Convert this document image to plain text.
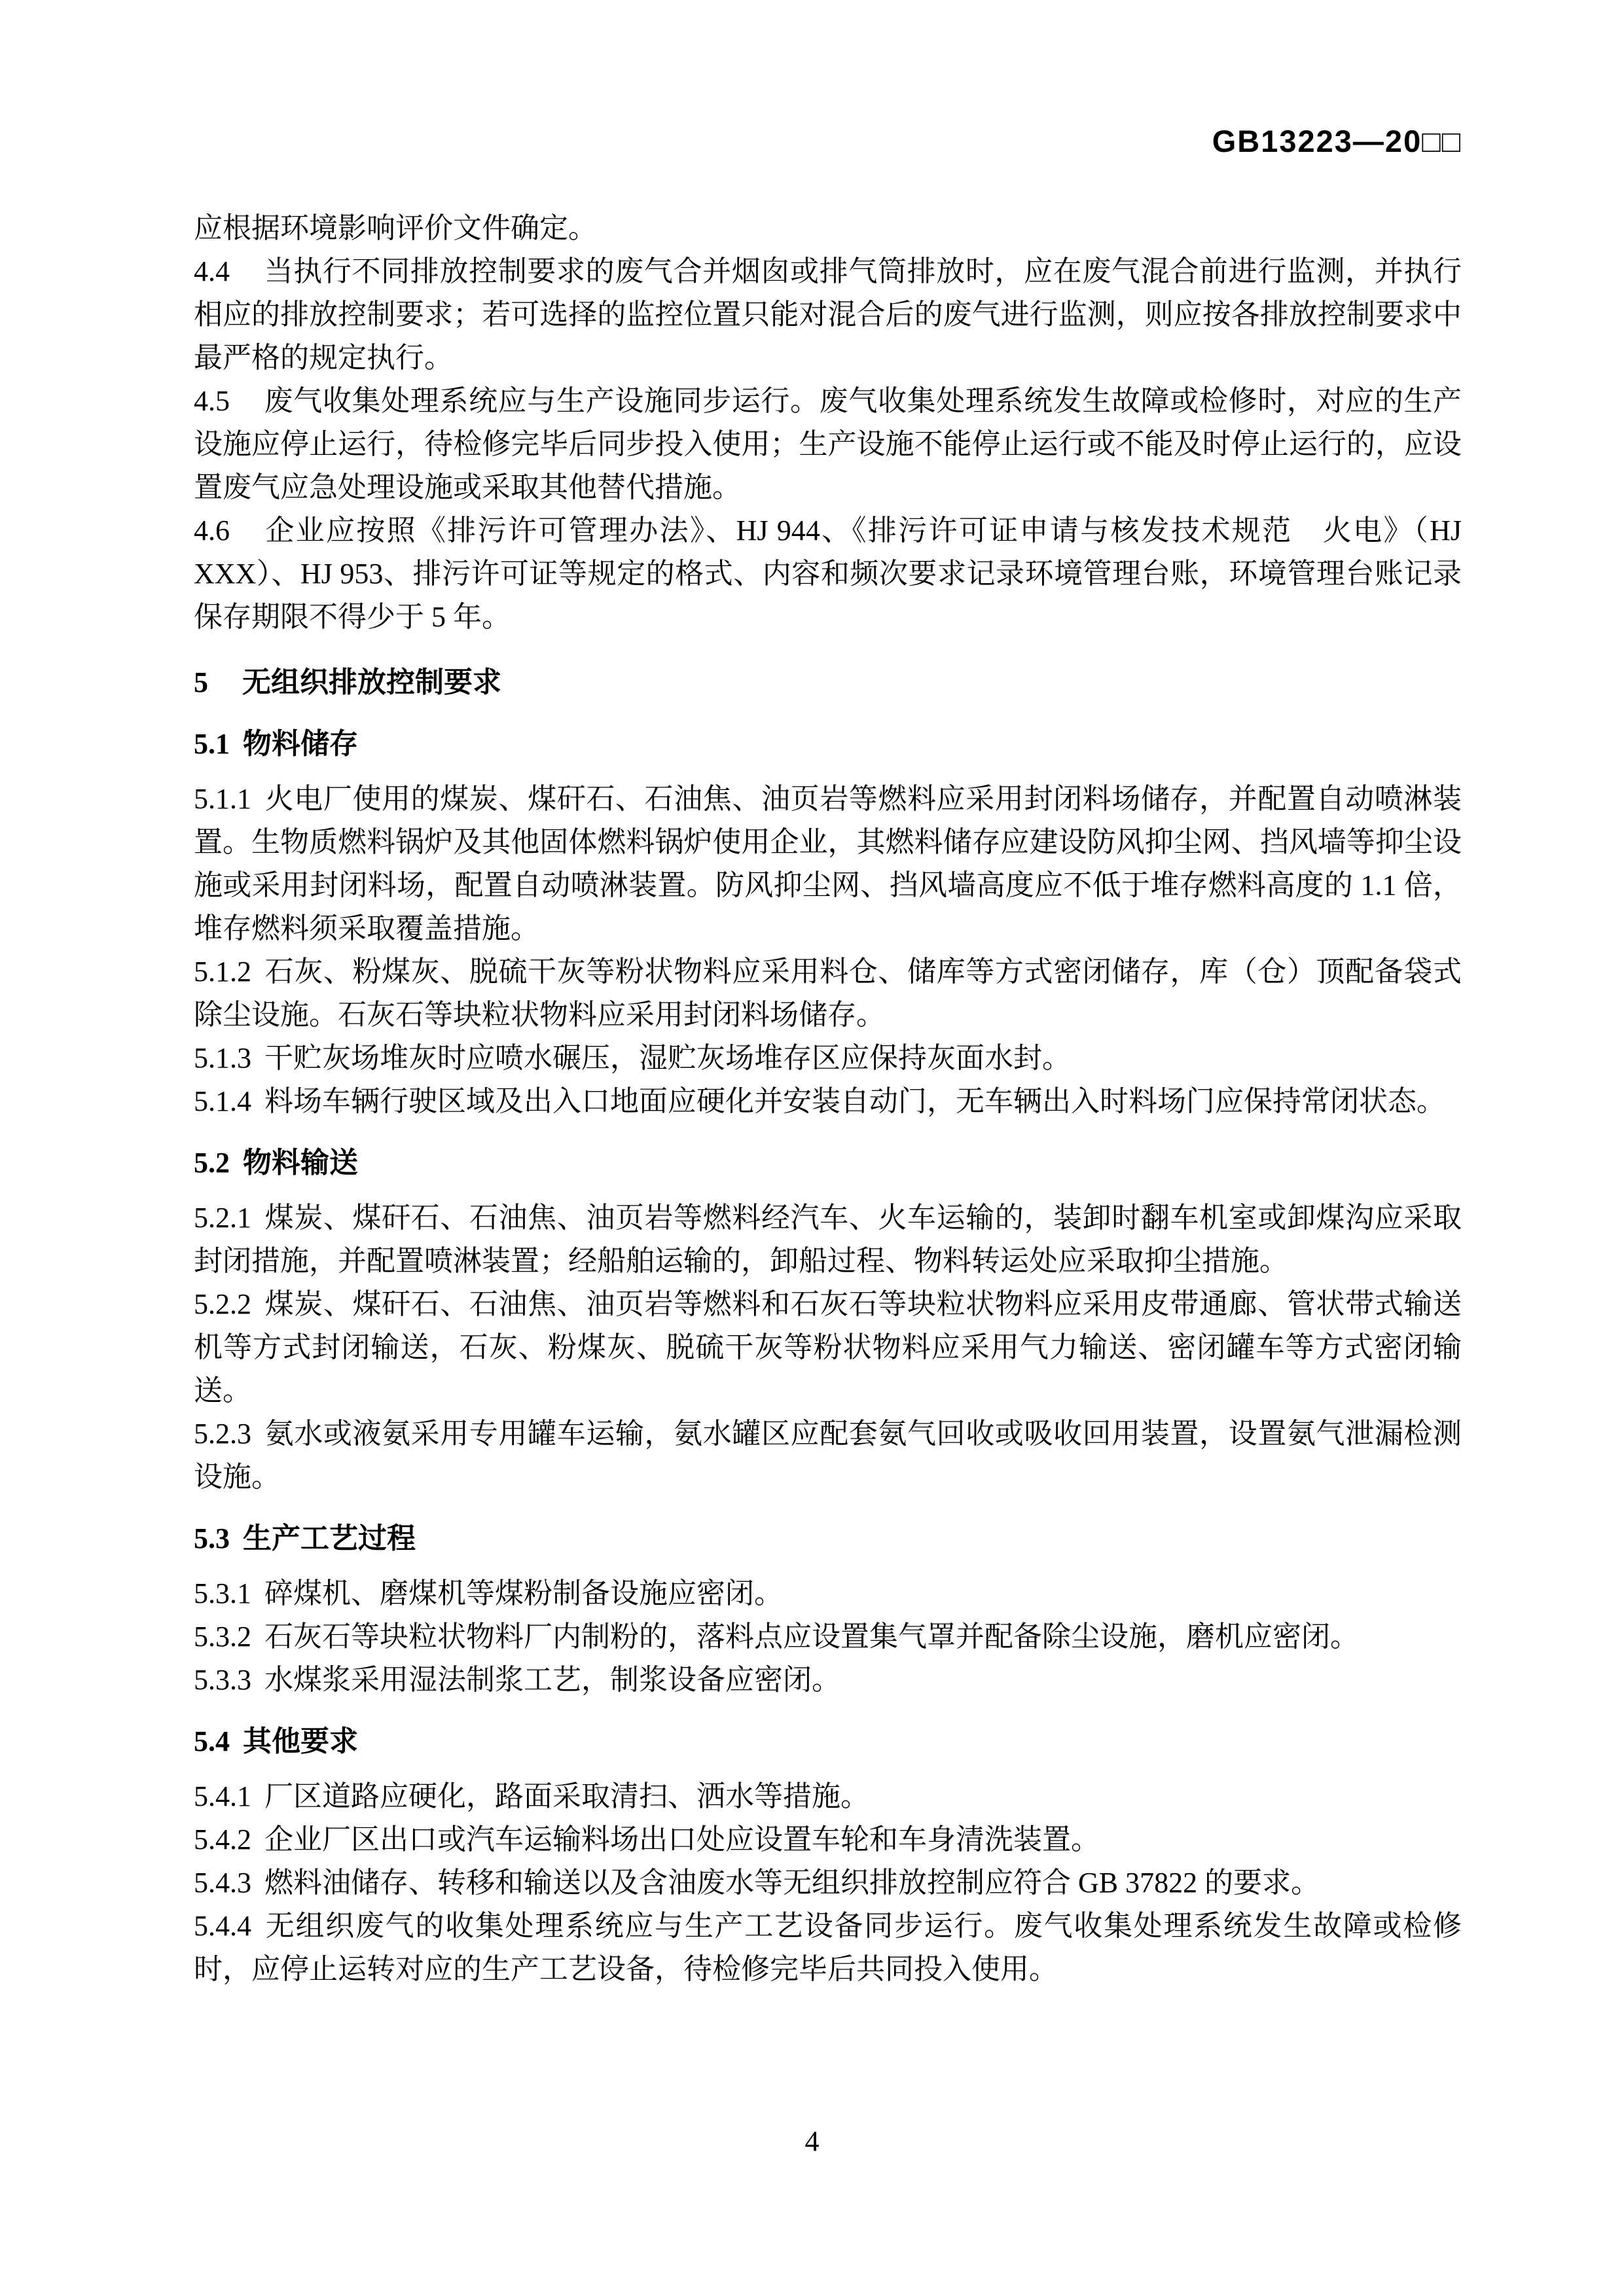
GB13223—20□□

应根据环境影响评价文件确定。

4.4 当执行不同排放控制要求的废气合并烟囱或排气筒排放时，应在废气混合前进行监测，并执行相应的排放控制要求；若可选择的监控位置只能对混合后的废气进行监测，则应按各排放控制要求中最严格的规定执行。

4.5 废气收集处理系统应与生产设施同步运行。废气收集处理系统发生故障或检修时，对应的生产设施应停止运行，待检修完毕后同步投入使用；生产设施不能停止运行或不能及时停止运行的，应设置废气应急处理设施或采取其他替代措施。

4.6 企业应按照《排污许可管理办法》、HJ 944、《排污许可证申请与核发技术规范　火电》（HJ XXX）、HJ 953、排污许可证等规定的格式、内容和频次要求记录环境管理台账，环境管理台账记录保存期限不得少于 5 年。

5 无组织排放控制要求
5.1 物料储存

5.1.1 火电厂使用的煤炭、煤矸石、石油焦、油页岩等燃料应采用封闭料场储存，并配置自动喷淋装置。生物质燃料锅炉及其他固体燃料锅炉使用企业，其燃料储存应建设防风抑尘网、挡风墙等抑尘设施或采用封闭料场，配置自动喷淋装置。防风抑尘网、挡风墙高度应不低于堆存燃料高度的 1.1 倍，堆存燃料须采取覆盖措施。

5.1.2 石灰、粉煤灰、脱硫干灰等粉状物料应采用料仓、储库等方式密闭储存，库（仓）顶配备袋式除尘设施。石灰石等块粒状物料应采用封闭料场储存。

5.1.3 干贮灰场堆灰时应喷水碾压，湿贮灰场堆存区应保持灰面水封。

5.1.4 料场车辆行驶区域及出入口地面应硬化并安装自动门，无车辆出入时料场门应保持常闭状态。

5.2 物料输送

5.2.1 煤炭、煤矸石、石油焦、油页岩等燃料经汽车、火车运输的，装卸时翻车机室或卸煤沟应采取封闭措施，并配置喷淋装置；经船舶运输的，卸船过程、物料转运处应采取抑尘措施。

5.2.2 煤炭、煤矸石、石油焦、油页岩等燃料和石灰石等块粒状物料应采用皮带通廊、管状带式输送机等方式封闭输送，石灰、粉煤灰、脱硫干灰等粉状物料应采用气力输送、密闭罐车等方式密闭输送。

5.2.3 氨水或液氨采用专用罐车运输，氨水罐区应配套氨气回收或吸收回用装置，设置氨气泄漏检测设施。

5.3 生产工艺过程

5.3.1 碎煤机、磨煤机等煤粉制备设施应密闭。

5.3.2 石灰石等块粒状物料厂内制粉的，落料点应设置集气罩并配备除尘设施，磨机应密闭。

5.3.3 水煤浆采用湿法制浆工艺，制浆设备应密闭。

5.4 其他要求

5.4.1 厂区道路应硬化，路面采取清扫、洒水等措施。

5.4.2 企业厂区出口或汽车运输料场出口处应设置车轮和车身清洗装置。

5.4.3 燃料油储存、转移和输送以及含油废水等无组织排放控制应符合 GB 37822 的要求。

5.4.4 无组织废气的收集处理系统应与生产工艺设备同步运行。废气收集处理系统发生故障或检修时，应停止运转对应的生产工艺设备，待检修完毕后共同投入使用。

4
